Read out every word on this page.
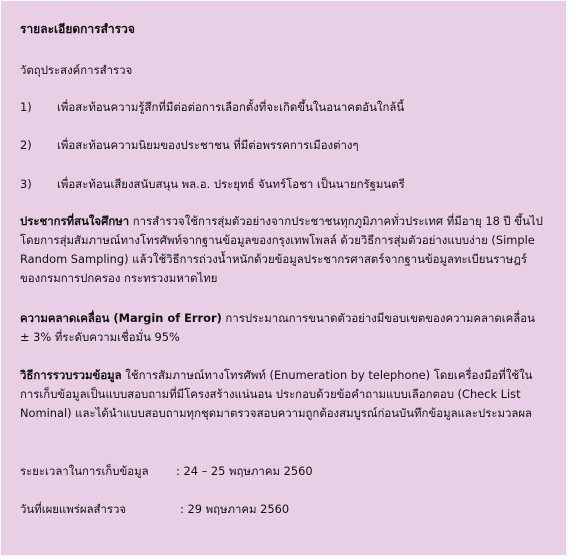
รายละเอียดการสำรวจ
วัตถุประสงค์การสำรวจ
1) เพื่อสะท้อนความรู้สึกที่มีต่อต่อการเลือกตั้งที่จะเกิดขึ้นในอนาคตอันใกล้นี้
2) เพื่อสะท้อนความนิยมของประชาชน ที่มีต่อพรรคการเมืองต่างๆ
3) เพื่อสะท้อนเสียงสนับสนุน พล.อ. ประยุทธ์ จันทร์โอชา เป็นนายกรัฐมนตรี

ประชากรที่สนใจศึกษา การสำรวจใช้การสุ่มตัวอย่างจากประชาชนทุกภูมิภาคทั่วประเทศ ที่มีอายุ 18 ปี ขึ้นไป โดยการสุ่มสัมภาษณ์ทางโทรศัพท์จากฐานข้อมูลของกรุงเทพโพลล์ ด้วยวิธีการสุ่มตัวอย่างแบบง่าย (Simple Random Sampling) แล้วใช้วิธีการถ่วงน้ำหนักด้วยข้อมูลประชากรศาสตร์จากฐานข้อมูลทะเบียนราษฎร์ของกรมการปกครอง กระทรวงมหาดไทย

ความคลาดเคลื่อน (Margin of Error) การประมาณการขนาดตัวอย่างมีขอบเขตของความคลาดเคลื่อน ± 3% ที่ระดับความเชื่อมั่น 95%

วิธีการรวบรวมข้อมูล ใช้การสัมภาษณ์ทางโทรศัพท์ (Enumeration by telephone) โดยเครื่องมือที่ใช้ในการเก็บข้อมูลเป็นแบบสอบถามที่มีโครงสร้างแน่นอน ประกอบด้วยข้อคำถามแบบเลือกตอบ (Check List Nominal) และได้นำแบบสอบถามทุกชุดมาตรวจสอบความถูกต้องสมบูรณ์ก่อนบันทึกข้อมูลและประมวลผล

ระยะเวลาในการเก็บข้อมูล : 24 – 25 พฤษภาคม 2560
วันที่เผยแพร่ผลสำรวจ	: 29 พฤษภาคม 2560
